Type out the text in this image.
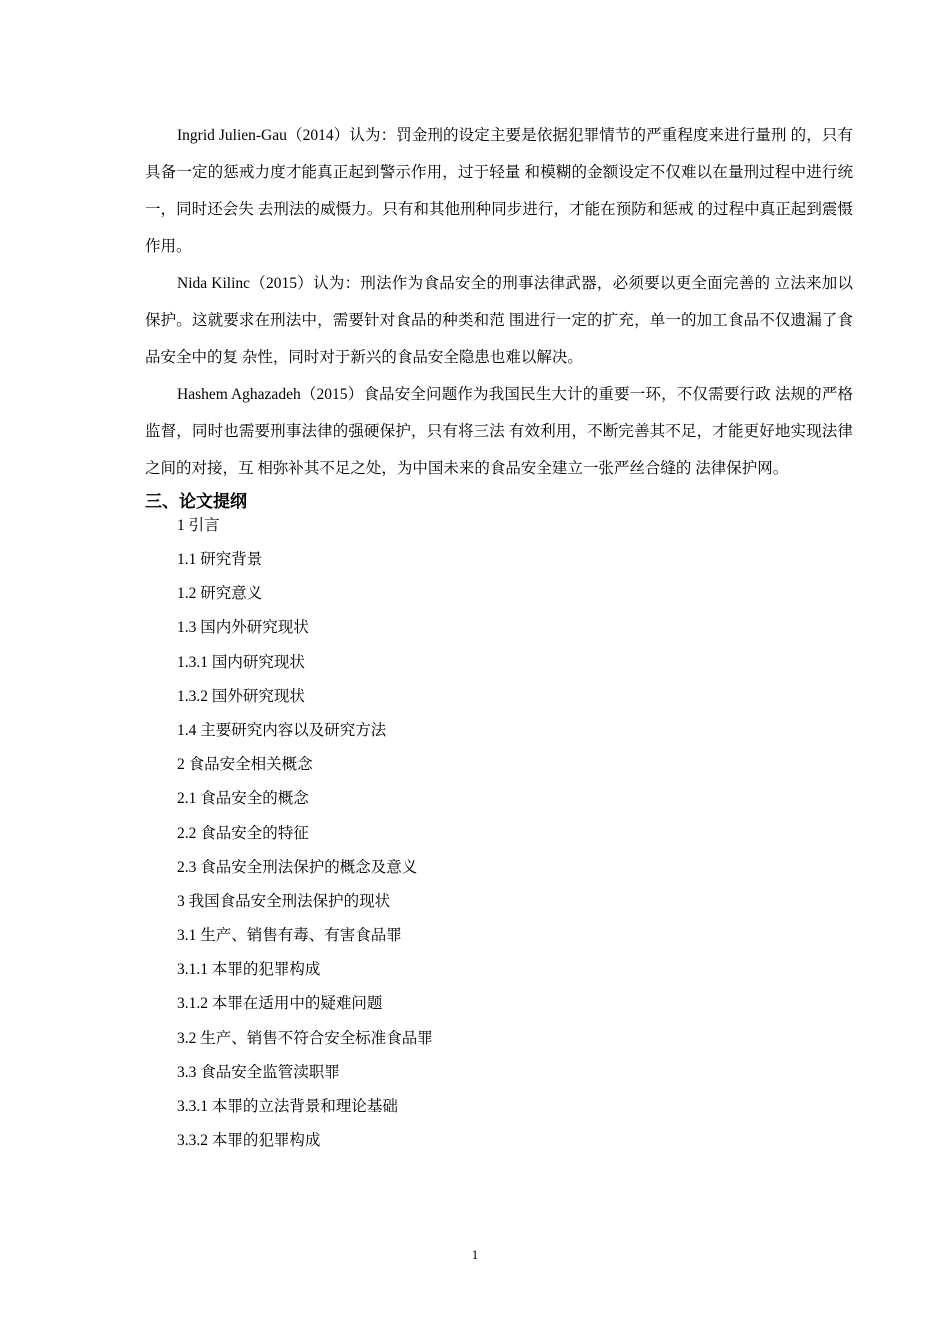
Ingrid Julien-Gau（2014）认为：罚金刑的设定主要是依据犯罪情节的严重程度来进行量刑 的，只有具备一定的惩戒力度才能真正起到警示作用，过于轻量 和模糊的金额设定不仅难以在量刑过程中进行统一，同时还会失 去刑法的威慑力。只有和其他刑种同步进行，才能在预防和惩戒 的过程中真正起到震慑作用。

Nida Kilinc（2015）认为：刑法作为食品安全的刑事法律武器，必须要以更全面完善的 立法来加以保护。这就要求在刑法中，需要针对食品的种类和范 围进行一定的扩充，单一的加工食品不仅遗漏了食品安全中的复 杂性，同时对于新兴的食品安全隐患也难以解决。

Hashem Aghazadeh（2015）食品安全问题作为我国民生大计的重要一环，不仅需要行政 法规的严格监督，同时也需要刑事法律的强硬保护，只有将三法 有效利用，不断完善其不足，才能更好地实现法律之间的对接，互 相弥补其不足之处，为中国未来的食品安全建立一张严丝合缝的 法律保护网。

三、论文提纲
1 引言
1.1 研究背景
1.2 研究意义
1.3 国内外研究现状
1.3.1 国内研究现状
1.3.2 国外研究现状
1.4 主要研究内容以及研究方法
2 食品安全相关概念
2.1 食品安全的概念
2.2 食品安全的特征
2.3 食品安全刑法保护的概念及意义
3 我国食品安全刑法保护的现状
3.1 生产、销售有毒、有害食品罪
3.1.1 本罪的犯罪构成
3.1.2 本罪在适用中的疑难问题
3.2 生产、销售不符合安全标准食品罪
3.3 食品安全监管渎职罪
3.3.1 本罪的立法背景和理论基础
3.3.2 本罪的犯罪构成
1
